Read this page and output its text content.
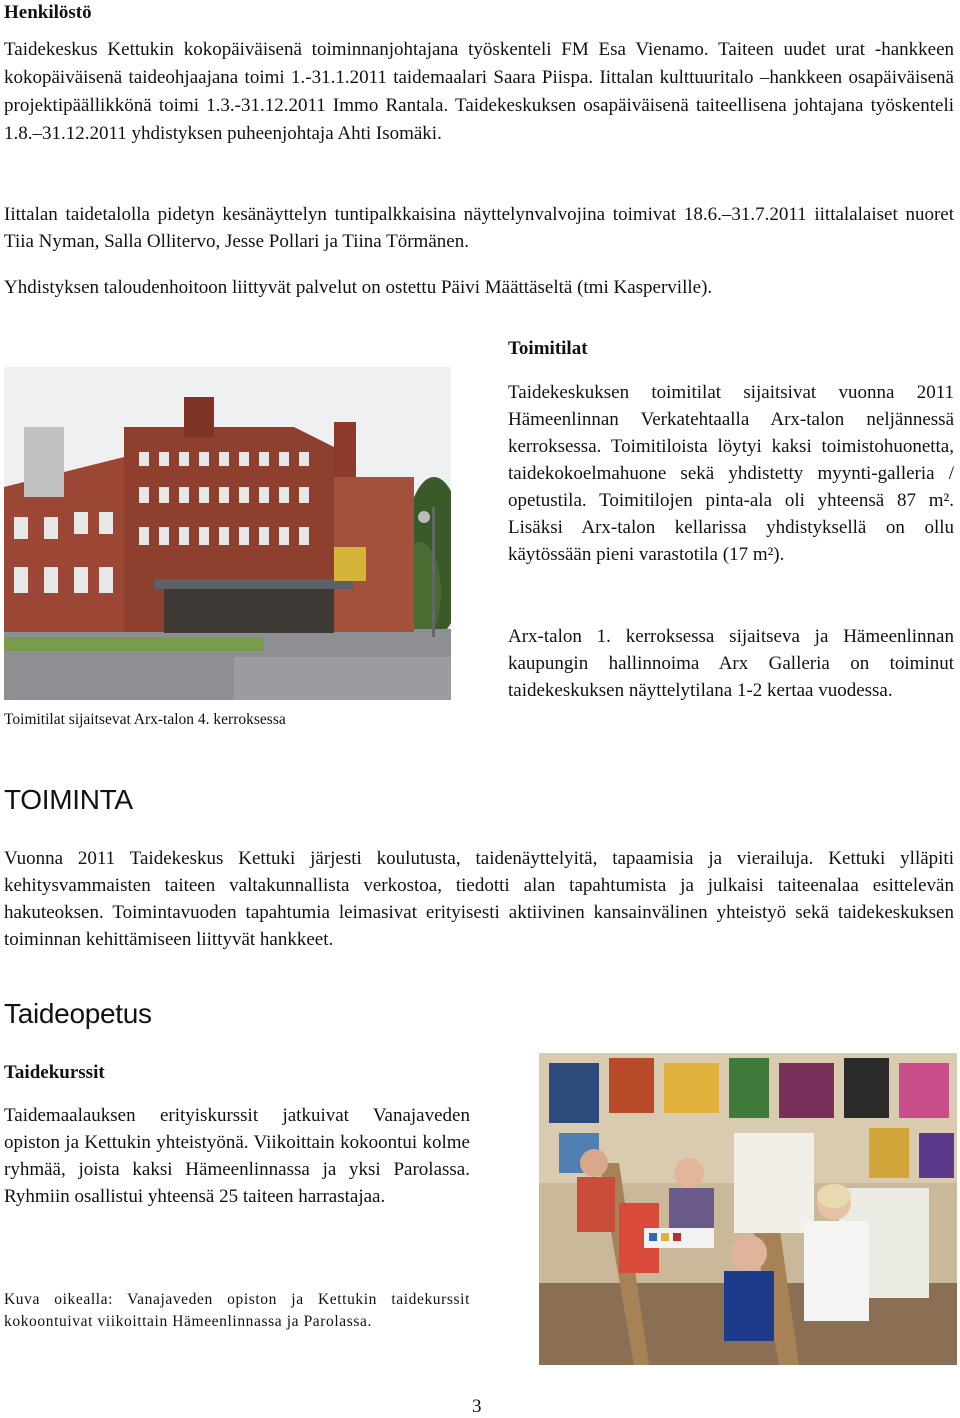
Henkilöstö

Taidekeskus Kettukin kokopäiväisenä toiminnanjohtajana työskenteli FM Esa Vienamo. Taiteen uudet urat -hankkeen kokopäiväisenä taideohjaajana toimi 1.-31.1.2011 taidemaalari Saara Piispa. Iittalan kulttuuritalo –hankkeen osapäiväisenä projektipäällikkönä toimi 1.3.-31.12.2011 Immo Rantala. Taidekeskuksen osapäiväisenä taiteellisena johtajana työskenteli 1.8.–31.12.2011 yhdistyksen puheenjohtaja Ahti Isomäki.

Iittalan taidetalolla pidetyn kesänäyttelyn tuntipalkkaisina näyttelynvalvojina toimivat 18.6.–31.7.2011 iittalalaiset nuoret Tiia Nyman, Salla Ollitervo, Jesse Pollari ja Tiina Törmänen.

Yhdistyksen taloudenhoitoon liittyvät palvelut on ostettu Päivi Määttäseltä (tmi Kasperville).

Toimitilat sijaitsevat Arx-talon 4. kerroksessa

Toimitilat

Taidekeskuksen toimitilat sijaitsivat vuonna 2011 Hämeenlinnan Verkatehtaalla Arx-talon neljännessä kerroksessa. Toimitiloista löytyi kaksi toimistohuonetta, taidekokoelmahuone sekä yhdistetty myynti-galleria / opetustila. Toimitilojen pinta-ala oli yhteensä 87 m². Lisäksi Arx-talon kellarissa yhdistyksellä on ollu käytössään pieni varastotila (17 m²).

Arx-talon 1. kerroksessa sijaitseva ja Hämeenlinnan kaupungin hallinnoima Arx Galleria on toiminut taidekeskuksen näyttelytilana 1-2 kertaa vuodessa.

TOIMINTA

Vuonna 2011 Taidekeskus Kettuki järjesti koulutusta, taidenäyttelyitä, tapaamisia ja vierailuja. Kettuki ylläpiti kehitysvammaisten taiteen valtakunnallista verkostoa, tiedotti alan tapahtumista ja julkaisi taiteenalaa esittelevän hakuteoksen. Toimintavuoden tapahtumia leimasivat erityisesti aktiivinen kansainvälinen yhteistyö sekä taidekeskuksen toiminnan kehittämiseen liittyvät hankkeet.

Taideopetus
Taidekurssit

Taidemaalauksen erityiskurssit jatkuivat Vanajaveden opiston ja Kettukin yhteistyönä. Viikoittain kokoontui kolme ryhmää, joista kaksi Hämeenlinnassa ja yksi Parolassa. Ryhmiin osallistui yhteensä 25 taiteen harrastajaa.

Kuva oikealla: Vanajaveden opiston ja Kettukin taidekurssit kokoontuivat viikoittain Hämeenlinnassa ja Parolassa.

3
